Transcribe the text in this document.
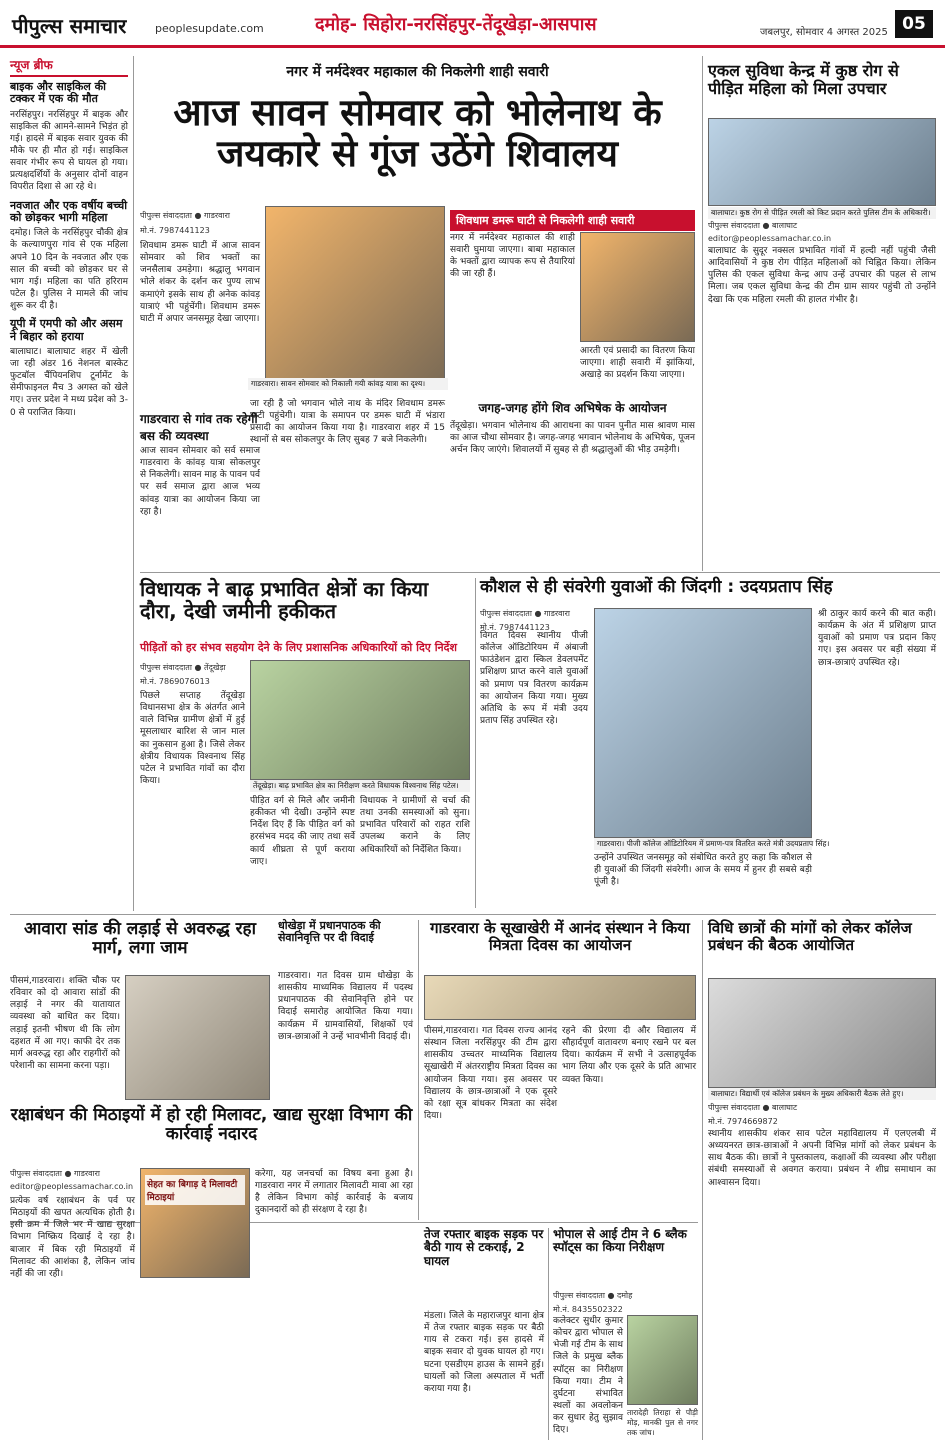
पीपुल्स समाचार	peoplesupdate.com	दमोह- सिहोरा-नरसिंहपुर-तेंदूखेड़ा-आसपास	जबलपुर, सोमवार 4 अगस्त 2025 05
न्यूज ब्रीफ
बाइक और साइकिल की टक्कर में एक की मौत
नरसिंहपुर। नरसिंहपुर में बाइक और साइकिल की आमने-सामने भिड़ंत हो गई। हादसे में बाइक सवार युवक की मौके पर ही मौत हो गई। साइकिल सवार गंभीर रूप से घायल हो गया। प्रत्यक्षदर्शियों के अनुसार दोनों वाहन विपरीत दिशा से आ रहे थे।
नवजात और एक वर्षीय बच्ची को छोड़कर भागी महिला
दमोह। जिले के नरसिंहपुर चौकी क्षेत्र के कल्याणपुरा गांव से एक महिला अपने 10 दिन के नवजात और एक साल की बच्ची को छोड़कर घर से भाग गई। महिला का पति हरिराम पटेल है। पुलिस ने मामले की जांच शुरू कर दी है।
यूपी में एमपी को और असम ने बिहार को हराया
बालाघाट। बालाघाट शहर में खेली जा रही अंडर 16 नेशनल बास्केट फुटबॉल चैंपियनशिप टूर्नामेंट के सेमीफाइनल मैच 3 अगस्त को खेले गए। उत्तर प्रदेश ने मध्य प्रदेश को 3-0 से पराजित किया।
नगर में नर्मदेश्वर महाकाल की निकलेगी शाही सवारी
आज सावन सोमवार को भोलेनाथ के जयकारे से गूंज उठेंगे शिवालय
पीपुल्स संवाददाता ● गाडरवारा
मो.नं. 7987441123
गाडरवारा। सावन सोमवार को निकाली गयी कांवड़ यात्रा का दृश्य।
शिवधाम डमरू घाटी में आज सावन सोमवार को शिव भक्तों का जनसैलाब उमड़ेगा। श्रद्धालु भगवान भोले शंकर के दर्शन कर पुण्य लाभ कमाएंगे इसके साथ ही अनेक कांवड़ यात्राएं भी पहुंचेंगी। शिवधाम डमरू घाटी में अपार जनसमूह देखा जाएगा।
गाडरवारा से गांव तक रहेगी बस की व्यवस्था
आज सावन सोमवार को सर्व समाज गाडरवारा के कांवड़ यात्रा सोकलपुर से निकलेगी। सावन माह के पावन पर्व पर सर्व समाज द्वारा आज भव्य कांवड़ यात्रा का आयोजन किया जा रहा है।
जा रही है जो भगवान भोले नाथ के मंदिर शिवधाम डमरू घाटी पहुंचेगी। यात्रा के समापन पर डमरू घाटी में भंडारा प्रसादी का आयोजन किया गया है। गाडरवारा शहर में 15 स्थानों से बस सोकलपुर के लिए सुबह 7 बजे निकलेगी।
शिवधाम डमरू घाटी से निकलेगी शाही सवारी
नगर में नर्मदेश्वर महाकाल की शाही सवारी घुमाया जाएगा। बाबा महाकाल के भक्तों द्वारा व्यापक रूप से तैयारियां की जा रही हैं।
आरती एवं प्रसादी का वितरण किया जाएगा। शाही सवारी में झांकियां, अखाड़े का प्रदर्शन किया जाएगा।
जगह-जगह होंगे शिव अभिषेक के आयोजन
तेंदूखेड़ा। भगवान भोलेनाथ की आराधना का पावन पुनीत मास श्रावण मास का आज चौथा सोमवार है। जगह-जगह भगवान भोलेनाथ के अभिषेक, पूजन अर्चन किए जाएंगे। शिवालयों में सुबह से ही श्रद्धालुओं की भीड़ उमड़ेगी।
एकल सुविधा केन्द्र में कुष्ठ रोग से पीड़ित महिला को मिला उपचार
बालाघाट। कुष्ठ रोग से पीड़ित रमली को किट प्रदान करते पुलिस टीम के अधिकारी।
पीपुल्स संवाददाता ● बालाघाट
editor@peoplessamachar.co.in
बालाघाट के सुदूर नक्सल प्रभावित गांवों में हल्दी नहीं पहुंची जैसी आदिवासियों ने कुष्ठ रोग पीड़ित महिलाओं को चिह्नित किया। लेकिन पुलिस की एकल सुविधा केन्द्र आप उन्हें उपचार की पहल से लाभ मिला। जब एकल सुविधा केन्द्र की टीम ग्राम सायर पहुंची तो उन्होंने देखा कि एक महिला रमली की हालत गंभीर है।
विधायक ने बाढ़ प्रभावित क्षेत्रों का किया दौरा, देखी जमीनी हकीकत
पीड़ितों को हर संभव सहयोग देने के लिए प्रशासनिक अधिकारियों को दिए निर्देश
पीपुल्स संवाददाता ● तेंदूखेड़ा
मो.नं. 7869076013
तेंदूखेड़ा। बाढ़ प्रभावित क्षेत्र का निरीक्षण करते विधायक विश्वनाथ सिंह पटेल।
पिछले सप्ताह तेंदूखेड़ा विधानसभा क्षेत्र के अंतर्गत आने वाले विभिन्न ग्रामीण क्षेत्रों में हुई मूसलाधार बारिश से जान माल का नुकसान हुआ है। जिसे लेकर क्षेत्रीय विधायक विश्वनाथ सिंह पटेल ने प्रभावित गांवों का दौरा किया।
पीड़ित वर्ग से मिले और जमीनी हकीकत भी देखी। उन्होंने स्पष्ट निर्देश दिए हैं कि पीड़ित वर्ग को हरसंभव मदद की जाए तथा सर्वे कार्य शीघ्रता से पूर्ण कराया जाए।
विधायक ने ग्रामीणों से चर्चा की तथा उनकी समस्याओं को सुना। प्रभावित परिवारों को राहत राशि उपलब्ध कराने के लिए अधिकारियों को निर्देशित किया।
कौशल से ही संवरेगी युवाओं की जिंदगी : उदयप्रताप सिंह
पीपुल्स संवाददाता ● गाडरवारा
मो.नं. 7987441123
विगत दिवस स्थानीय पीजी कॉलेज ऑडिटोरियम में अंबाजी फाउंडेशन द्वारा स्किल डेवलपमेंट प्रशिक्षण प्राप्त करने वाले युवाओं को प्रमाण पत्र वितरण कार्यक्रम का आयोजन किया गया। मुख्य अतिथि के रूप में मंत्री उदय प्रताप सिंह उपस्थित रहे।
गाडरवारा। पीजी कॉलेज ऑडिटोरियम में प्रमाण-पत्र वितरित करते मंत्री उदयप्रताप सिंह।
उन्होंने उपस्थित जनसमूह को संबोधित करते हुए कहा कि कौशल से ही युवाओं की जिंदगी संवरेगी। आज के समय में हुनर ही सबसे बड़ी पूंजी है।
श्री ठाकुर कार्य करने की बात कही। कार्यक्रम के अंत में प्रशिक्षण प्राप्त युवाओं को प्रमाण पत्र प्रदान किए गए। इस अवसर पर बड़ी संख्या में छात्र-छात्राएं उपस्थित रहे।
आवारा सांड की लड़ाई से अवरुद्ध रहा मार्ग, लगा जाम
पीसमं,गाडरवारा। शक्ति चौक पर रविवार को दो आवारा सांडों की लड़ाई ने नगर की यातायात व्यवस्था को बाधित कर दिया। लड़ाई इतनी भीषण थी कि लोग दहशत में आ गए। काफी देर तक मार्ग अवरुद्ध रहा और राहगीरों को परेशानी का सामना करना पड़ा।
धोखेड़ा में प्रधानपाठक की सेवानिवृत्ति पर दी विदाई
गाडरवारा। गत दिवस ग्राम धोखेड़ा के शासकीय माध्यमिक विद्यालय में पदस्थ प्रधानपाठक की सेवानिवृत्ति होने पर विदाई समारोह आयोजित किया गया। कार्यक्रम में ग्रामवासियों, शिक्षकों एवं छात्र-छात्राओं ने उन्हें भावभीनी विदाई दी।
गाडरवारा के सूखाखेरी में आनंद संस्थान ने किया मित्रता दिवस का आयोजन
पीसमं,गाडरवारा। गत दिवस राज्य आनंद संस्थान जिला नरसिंहपुर की टीम द्वारा शासकीय उच्चतर माध्यमिक विद्यालय सूखाखेरी में अंतरराष्ट्रीय मित्रता दिवस का आयोजन किया गया। इस अवसर पर विद्यालय के छात्र-छात्राओं ने एक दूसरे को रक्षा सूत्र बांधकर मित्रता का संदेश दिया।
रहने की प्रेरणा दी और विद्यालय में सौहार्दपूर्ण वातावरण बनाए रखने पर बल दिया। कार्यक्रम में सभी ने उत्साहपूर्वक भाग लिया और एक दूसरे के प्रति आभार व्यक्त किया।
विधि छात्रों की मांगों को लेकर कॉलेज प्रबंधन की बैठक आयोजित
बालाघाट। विद्यार्थी एवं कॉलेज प्रबंधन के मुख्य अधिकारी बैठक लेते हुए।
पीपुल्स संवाददाता ● बालाघाट
मो.नं. 7974669872
स्थानीय शासकीय शंकर साव पटेल महाविद्यालय में एलएलबी में अध्ययनरत छात्र-छात्राओं ने अपनी विभिन्न मांगों को लेकर प्रबंधन के साथ बैठक की। छात्रों ने पुस्तकालय, कक्षाओं की व्यवस्था और परीक्षा संबंधी समस्याओं से अवगत कराया। प्रबंधन ने शीघ्र समाधान का आश्वासन दिया।
रक्षाबंधन की मिठाइयों में हो रही मिलावट, खाद्य सुरक्षा विभाग की कार्रवाई नदारद
पीपुल्स संवाददाता ● गाडरवारा
editor@peoplessamachar.co.in
प्रत्येक वर्ष रक्षाबंधन के पर्व पर मिठाइयों की खपत अत्यधिक होती है। इसी क्रम में जिले भर में खाद्य सुरक्षा विभाग निष्क्रिय दिखाई दे रहा है। बाजार में बिक रही मिठाइयों में मिलावट की आशंका है, लेकिन जांच नहीं की जा रही।
सेहत का बिगाड़ दे मिलावटी मिठाइयां
करेगा, यह जनचर्चा का विषय बना हुआ है। गाडरवारा नगर में लगातार मिलावटी मावा आ रहा है लेकिन विभाग कोई कार्रवाई के बजाय दुकानदारों को ही संरक्षण दे रहा है।
तेज रफ्तार बाइक सड़क पर बैठी गाय से टकराई, 2 घायल
मंडला। जिले के महाराजपुर थाना क्षेत्र में तेज रफ्तार बाइक सड़क पर बैठी गाय से टकरा गई। इस हादसे में बाइक सवार दो युवक घायल हो गए। घटना एसडीएम हाउस के सामने हुई। घायलों को जिला अस्पताल में भर्ती कराया गया है।
भोपाल से आई टीम ने 6 ब्लैक स्पॉट्स का किया निरीक्षण
पीपुल्स संवाददाता ● दमोह
मो.नं. 8435502322
कलेक्टर सुधीर कुमार कोचर द्वारा भोपाल से भेजी गई टीम के साथ जिले के प्रमुख ब्लैक स्पॉट्स का निरीक्षण किया गया। टीम ने दुर्घटना संभावित स्थलों का अवलोकन कर सुधार हेतु सुझाव दिए।
तारादेही तिराहा से पौड़ी मोड़, मानकी पुल से नगर तक जांच।
